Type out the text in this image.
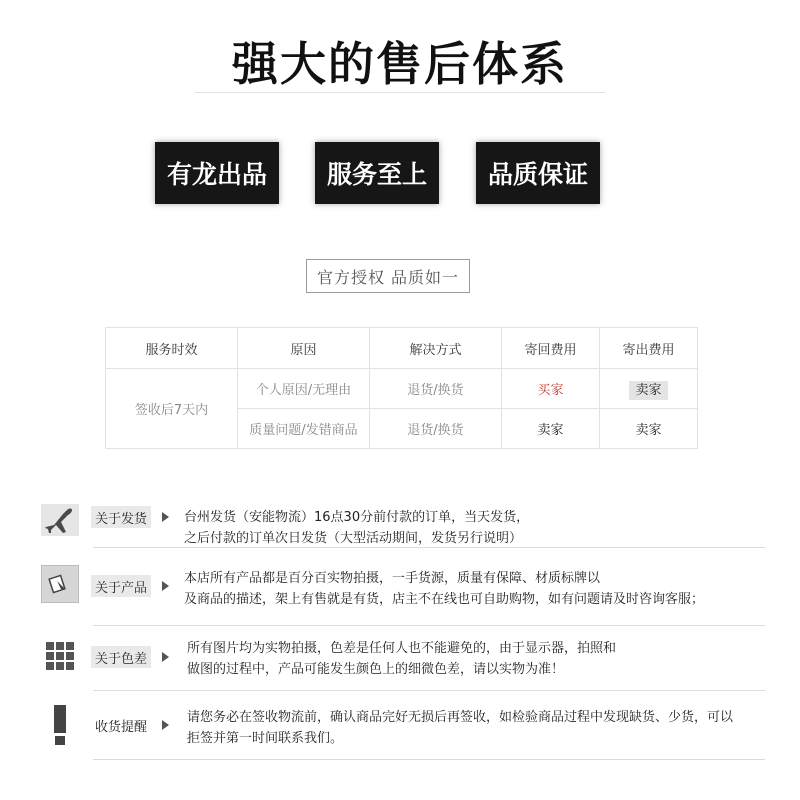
强大的售后体系
有龙出品	服务至上	品质保证
官方授权 品质如一
服务时效	原因	解决方式	寄回费用	寄出费用
签收后7天内	个人原因/无理由	退货/换货	买家	卖家
	质量问题/发错商品	退货/换货	卖家	卖家
关于发货	台州发货（安能物流）16点30分前付款的订单，当天发货，
之后付款的订单次日发货（大型活动期间，发货另行说明）
关于产品
本店所有产品都是百分百实物拍摄，一手货源，质量有保障、材质标牌以
及商品的描述，架上有售就是有货，店主不在线也可自助购物，如有问题请及时咨询客服；
关于色差
所有图片均为实物拍摄，色差是任何人也不能避免的，由于显示器，拍照和
做图的过程中，产品可能发生颜色上的细微色差，请以实物为准！
收货提醒
请您务必在签收物流前，确认商品完好无损后再签收，如检验商品过程中发现缺货、少货，可以
拒签并第一时间联系我们。
